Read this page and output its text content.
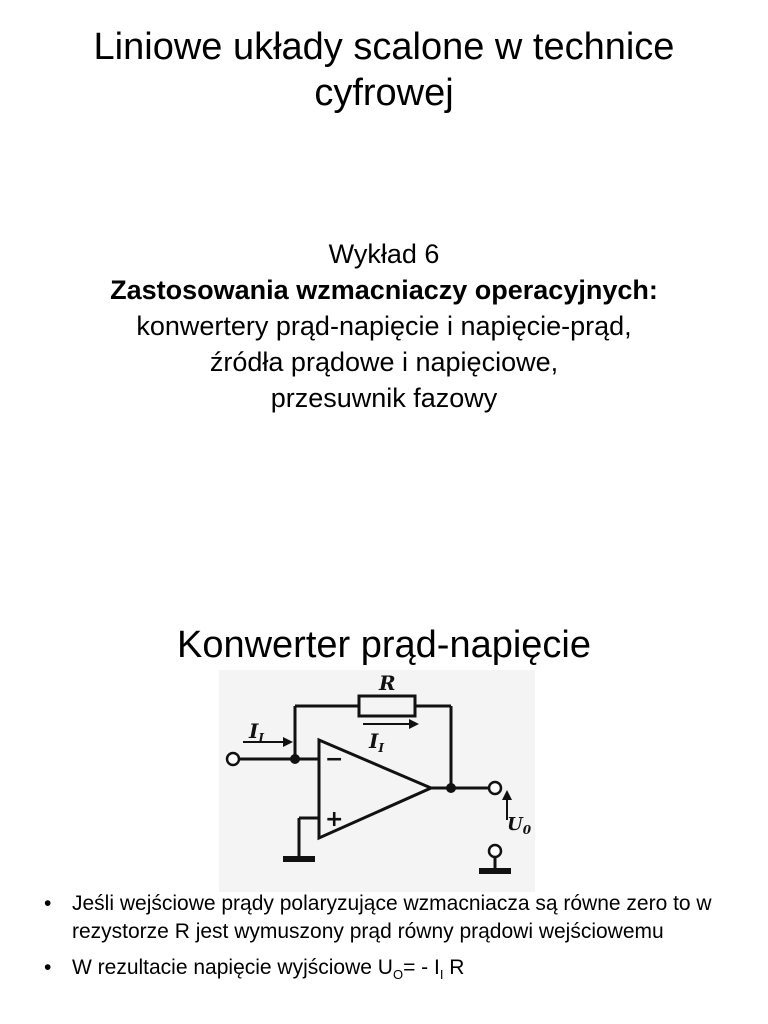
Liniowe układy scalone w technice
cyfrowej
Wykład 6
Zastosowania wzmacniaczy operacyjnych:
konwertery prąd-napięcie i napięcie-prąd,
źródła prądowe i napięciowe,
przesuwnik fazowy
Konwerter prąd-napięcie
R
$I_I$	$I_I$
$U_0$
−
+
• Jeśli wejściowe prądy polaryzujące wzmacniacza są równe zero to w rezystorze R jest wymuszony prąd równy prądowi wejściowemu
• W rezultacie napięcie wyjściowe $U_O= - I_I$ R
